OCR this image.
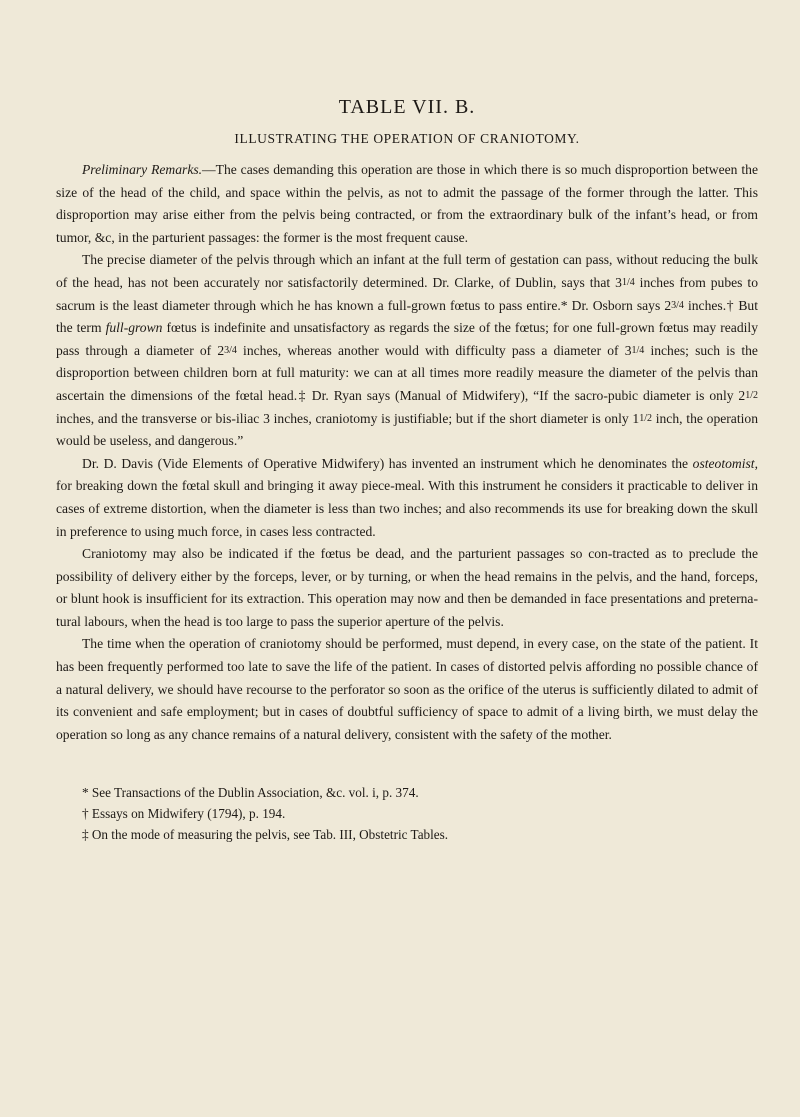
TABLE VII. B.
ILLUSTRATING THE OPERATION OF CRANIOTOMY.

Preliminary Remarks.—The cases demanding this operation are those in which there is so much disproportion between the size of the head of the child, and space within the pelvis, as not to admit the passage of the former through the latter. This disproportion may arise either from the pelvis being contracted, or from the extraordinary bulk of the infant’s head, or from tumor, &c, in the parturient passages: the former is the most frequent cause.

The precise diameter of the pelvis through which an infant at the full term of gestation can pass, without reducing the bulk of the head, has not been accurately nor satisfactorily determined. Dr. Clarke, of Dublin, says that 31/4 inches from pubes to sacrum is the least diameter through which he has known a full-grown fœtus to pass entire.* Dr. Osborn says 23/4 inches.† But the term full-grown fœtus is indefinite and unsatisfactory as regards the size of the fœtus; for one full-grown fœtus may readily pass through a diameter of 23/4 inches, whereas another would with difficulty pass a diameter of 31/4 inches; such is the disproportion between children born at full maturity: we can at all times more readily measure the diameter of the pelvis than ascertain the dimensions of the fœtal head.‡ Dr. Ryan says (Manual of Midwifery), “If the sacro-pubic diameter is only 21/2 inches, and the transverse or bis-iliac 3 inches, craniotomy is justifiable; but if the short diameter is only 11/2 inch, the operation would be useless, and dangerous.”

Dr. D. Davis (Vide Elements of Operative Midwifery) has invented an instrument which he denominates the osteotomist, for breaking down the fœtal skull and bringing it away piece-meal. With this instrument he considers it practicable to deliver in cases of extreme distortion, when the diameter is less than two inches; and also recommends its use for breaking down the skull in preference to using much force, in cases less contracted.

Craniotomy may also be indicated if the fœtus be dead, and the parturient passages so con-tracted as to preclude the possibility of delivery either by the forceps, lever, or by turning, or when the head remains in the pelvis, and the hand, forceps, or blunt hook is insufficient for its extraction. This operation may now and then be demanded in face presentations and preterna-tural labours, when the head is too large to pass the superior aperture of the pelvis.

The time when the operation of craniotomy should be performed, must depend, in every case, on the state of the patient. It has been frequently performed too late to save the life of the patient. In cases of distorted pelvis affording no possible chance of a natural delivery, we should have recourse to the perforator so soon as the orifice of the uterus is sufficiently dilated to admit of its convenient and safe employment; but in cases of doubtful sufficiency of space to admit of a living birth, we must delay the operation so long as any chance remains of a natural delivery, consistent with the safety of the mother.

* See Transactions of the Dublin Association, &c. vol. i, p. 374.

† Essays on Midwifery (1794), p. 194.

‡ On the mode of measuring the pelvis, see Tab. III, Obstetric Tables.
